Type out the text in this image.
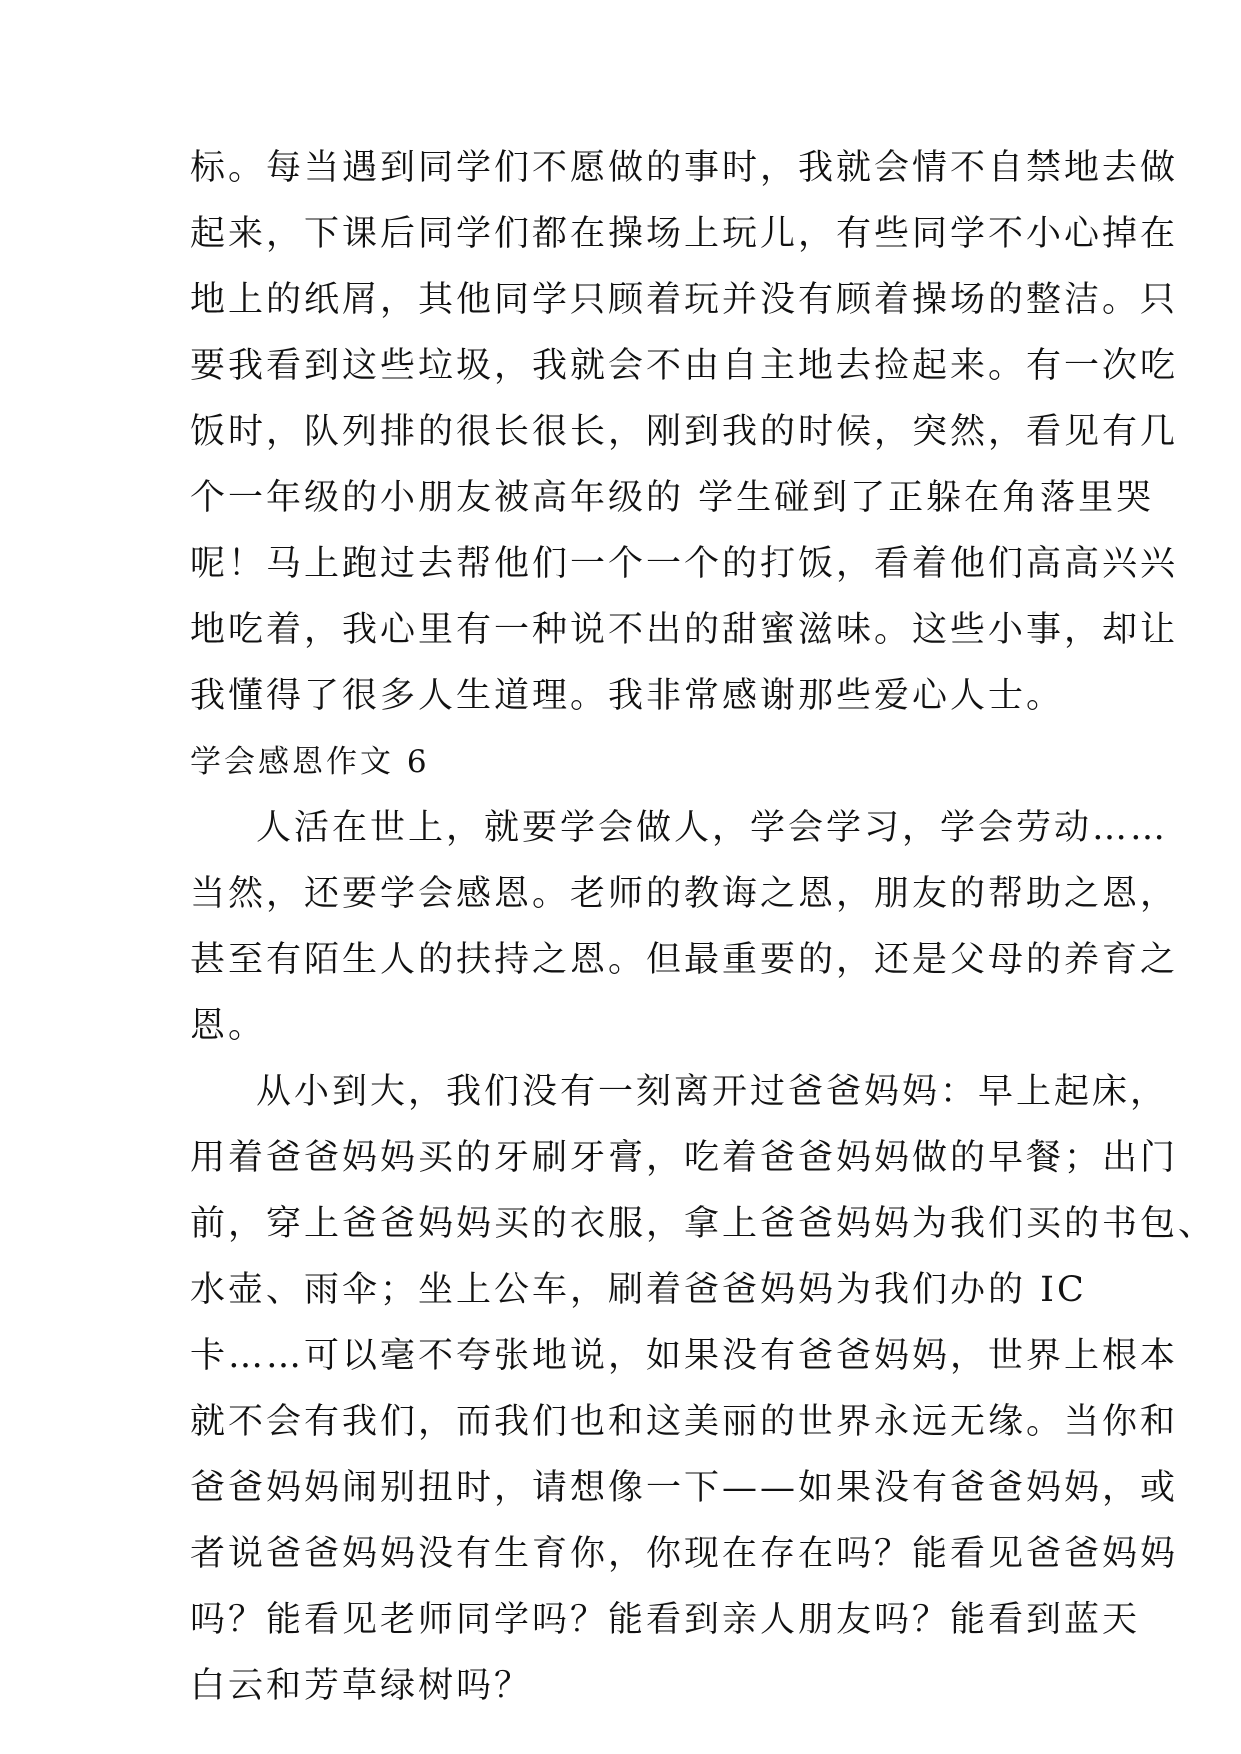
标。每当遇到同学们不愿做的事时，我就会情不自禁地去做
起来，下课后同学们都在操场上玩儿，有些同学不小心掉在
地上的纸屑，其他同学只顾着玩并没有顾着操场的整洁。只
要我看到这些垃圾，我就会不由自主地去捡起来。有一次吃
饭时，队列排的很长很长，刚到我的时候，突然，看见有几
个一年级的小朋友被高年级的 学生碰到了正躲在角落里哭
呢！马上跑过去帮他们一个一个的打饭，看着他们高高兴兴
地吃着，我心里有一种说不出的甜蜜滋味。这些小事，却让
我懂得了很多人生道理。我非常感谢那些爱心人士。
学会感恩作文 6
人活在世上，就要学会做人，学会学习，学会劳动……
当然，还要学会感恩。老师的教诲之恩，朋友的帮助之恩，
甚至有陌生人的扶持之恩。但最重要的，还是父母的养育之
恩。
从小到大，我们没有一刻离开过爸爸妈妈：早上起床，
用着爸爸妈妈买的牙刷牙膏，吃着爸爸妈妈做的早餐；出门
前，穿上爸爸妈妈买的衣服，拿上爸爸妈妈为我们买的书包、
水壶、雨伞；坐上公车，刷着爸爸妈妈为我们办的 IC
卡……可以毫不夸张地说，如果没有爸爸妈妈，世界上根本
就不会有我们，而我们也和这美丽的世界永远无缘。当你和
爸爸妈妈闹别扭时，请想像一下——如果没有爸爸妈妈，或
者说爸爸妈妈没有生育你，你现在存在吗？能看见爸爸妈妈
吗？能看见老师同学吗？能看到亲人朋友吗？能看到蓝天
白云和芳草绿树吗？
